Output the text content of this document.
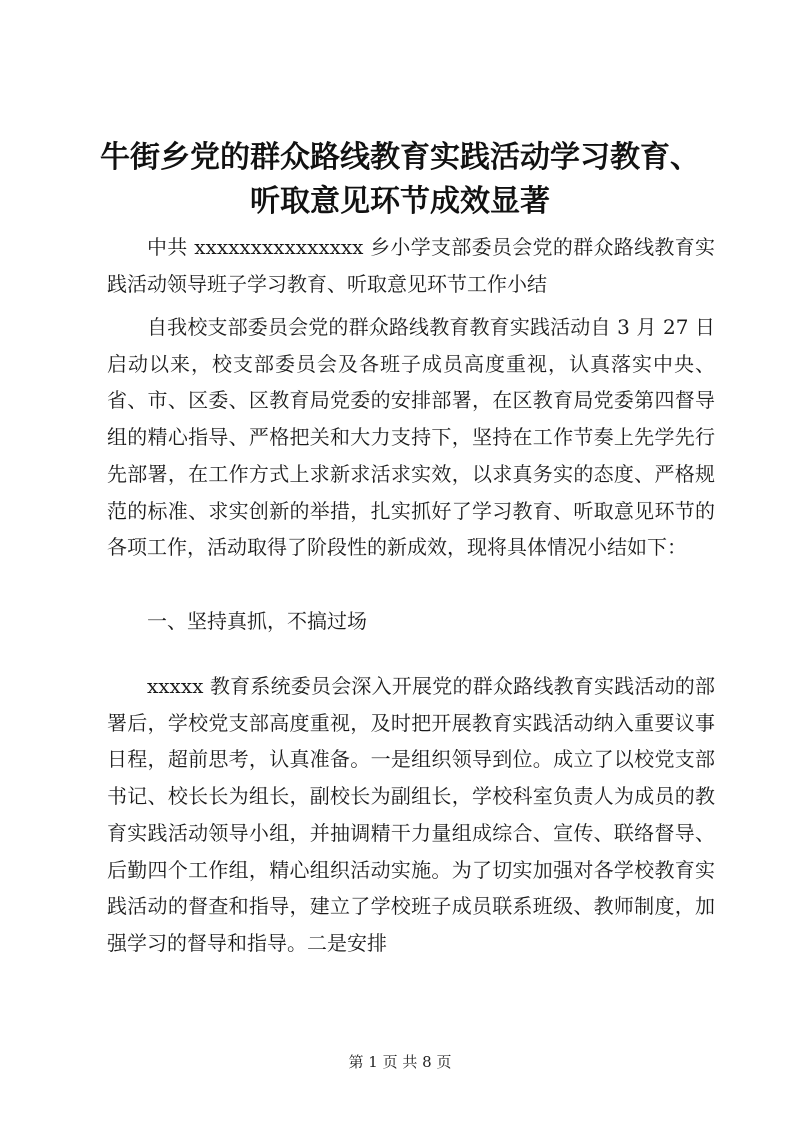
牛街乡党的群众路线教育实践活动学习教育、
听取意见环节成效显著

中共 xxxxxxxxxxxxxxx 乡小学支部委员会党的群众路线教育实践活动领导班子学习教育、听取意见环节工作小结

自我校支部委员会党的群众路线教育教育实践活动自 3 月 27 日启动以来，校支部委员会及各班子成员高度重视，认真落实中央、省、市、区委、区教育局党委的安排部署，在区教育局党委第四督导组的精心指导、严格把关和大力支持下，坚持在工作节奏上先学先行先部署，在工作方式上求新求活求实效，以求真务实的态度、严格规范的标准、求实创新的举措，扎实抓好了学习教育、听取意见环节的各项工作，活动取得了阶段性的新成效，现将具体情况小结如下：

一、坚持真抓，不搞过场

xxxxx 教育系统委员会深入开展党的群众路线教育实践活动的部署后，学校党支部高度重视，及时把开展教育实践活动纳入重要议事日程，超前思考，认真准备。一是组织领导到位。成立了以校党支部书记、校长长为组长，副校长为副组长，学校科室负责人为成员的教育实践活动领导小组，并抽调精干力量组成综合、宣传、联络督导、后勤四个工作组，精心组织活动实施。为了切实加强对各学校教育实践活动的督查和指导，建立了学校班子成员联系班级、教师制度，加强学习的督导和指导。二是安排

第 1 页 共 8 页
